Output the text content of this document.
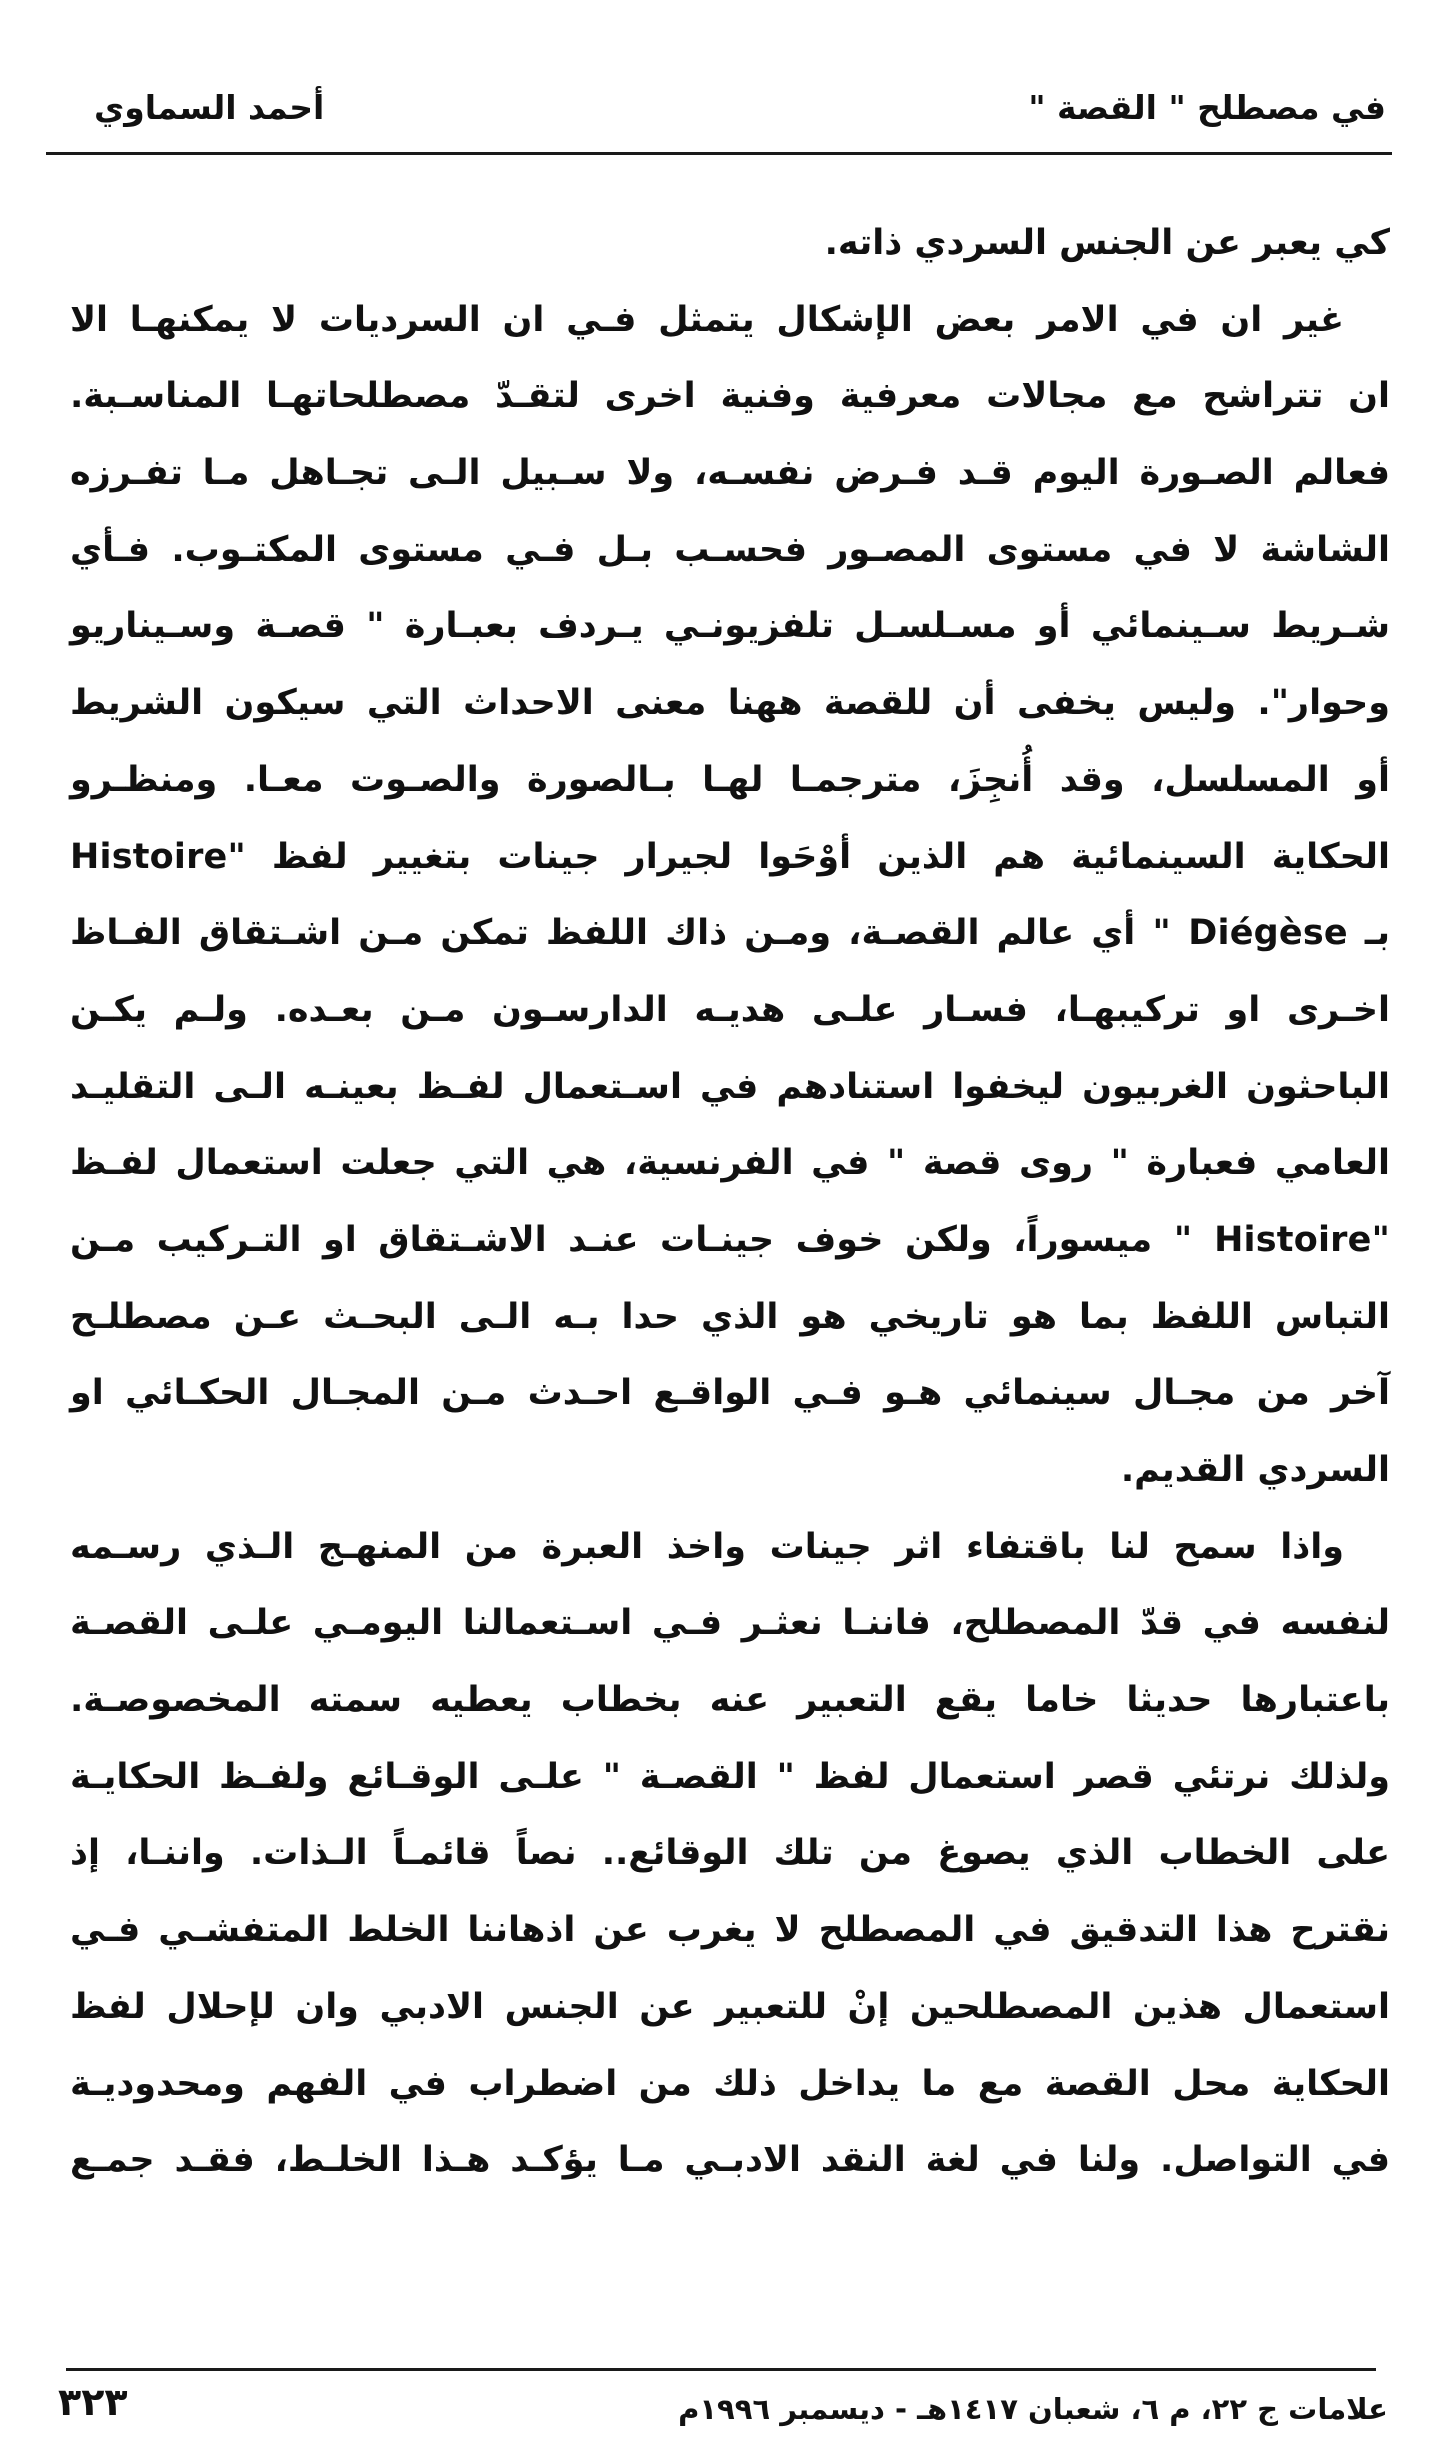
في مصطلح " القصة "
أحمد السماوي
كي يعبر عن الجنس السردي ذاته.
غير ان في الامر بعض الإشكال يتمثل فـي ان السرديات لا يمكنهـا الا
ان تتراشح مع مجالات معرفية وفنية اخرى لتقـدّ مصطلحاتهـا المناسـبة.
فعالم الصـورة اليوم قـد فـرض نفسـه، ولا سـبيل الـى تجـاهل مـا تفـرزه
الشاشة لا في مستوى المصـور فحسـب بـل فـي مستوى المكتـوب. فـأي
شـريط سـينمائي أو مسـلسـل تلفزيونـي يـردف بعبـارة " قصـة وسـيناريو
وحوار". وليس يخفى أن للقصة ههنا معنى الاحداث التي سيكون الشريط
أو المسلسل، وقد أُنجِزَ، مترجمـا لهـا بـالصورة والصـوت معـا. ومنظـرو
الحكاية السينمائية هم الذين أوْحَوا لجيرار جينات بتغيير لفظ "Histoire
بـ Diégèse " أي عالم القصـة، ومـن ذاك اللفظ تمكن مـن اشـتقاق الفـاظ
اخـرى او تركيبهـا، فسـار علـى هديـه الدارسـون مـن بعـده. ولـم يكـن
الباحثون الغربيون ليخفوا استنادهم في اسـتعمال لفـظ بعينـه الـى التقليـد
العامي فعبارة " روى قصة " في الفرنسية، هي التي جعلت استعمال لفـظ
"Histoire " ميسوراً، ولكن خوف جينـات عنـد الاشـتقاق او التـركيب مـن
التباس اللفظ بما هو تاريخي هو الذي حدا بـه الـى البحـث عـن مصطلـح
آخر من مجـال سينمائي هـو فـي الواقـع احـدث مـن المجـال الحكـائي او
السردي القديم.
واذا سمح لنا باقتفاء اثر جينات واخذ العبرة من المنهـج الـذي رسـمه
لنفسه في قدّ المصطلح، فاننـا نعثـر فـي اسـتعمالنا اليومـي علـى القصـة
باعتبارها حديثا خاما يقع التعبير عنه بخطاب يعطيه سمته المخصوصـة.
ولذلك نرتئي قصر استعمال لفظ " القصـة " علـى الوقـائع ولفـظ الحكايـة
على الخطاب الذي يصوغ من تلك الوقائع.. نصاً قائمـاً الـذات. واننـا، إذ
نقترح هذا التدقيق في المصطلح لا يغرب عن اذهاننا الخلط المتفشـي فـي
استعمال هذين المصطلحين إنْ للتعبير عن الجنس الادبي وان لإحلال لفظ
الحكاية محل القصة مع ما يداخل ذلك من اضطراب في الفهم ومحدوديـة
في التواصل. ولنا في لغة النقد الادبـي مـا يؤكـد هـذا الخلـط، فقـد جمـع
علامات ج ٢٢، م ٦، شعبان ١٤١٧هـ - ديسمبر ١٩٩٦م
٣٢٣
